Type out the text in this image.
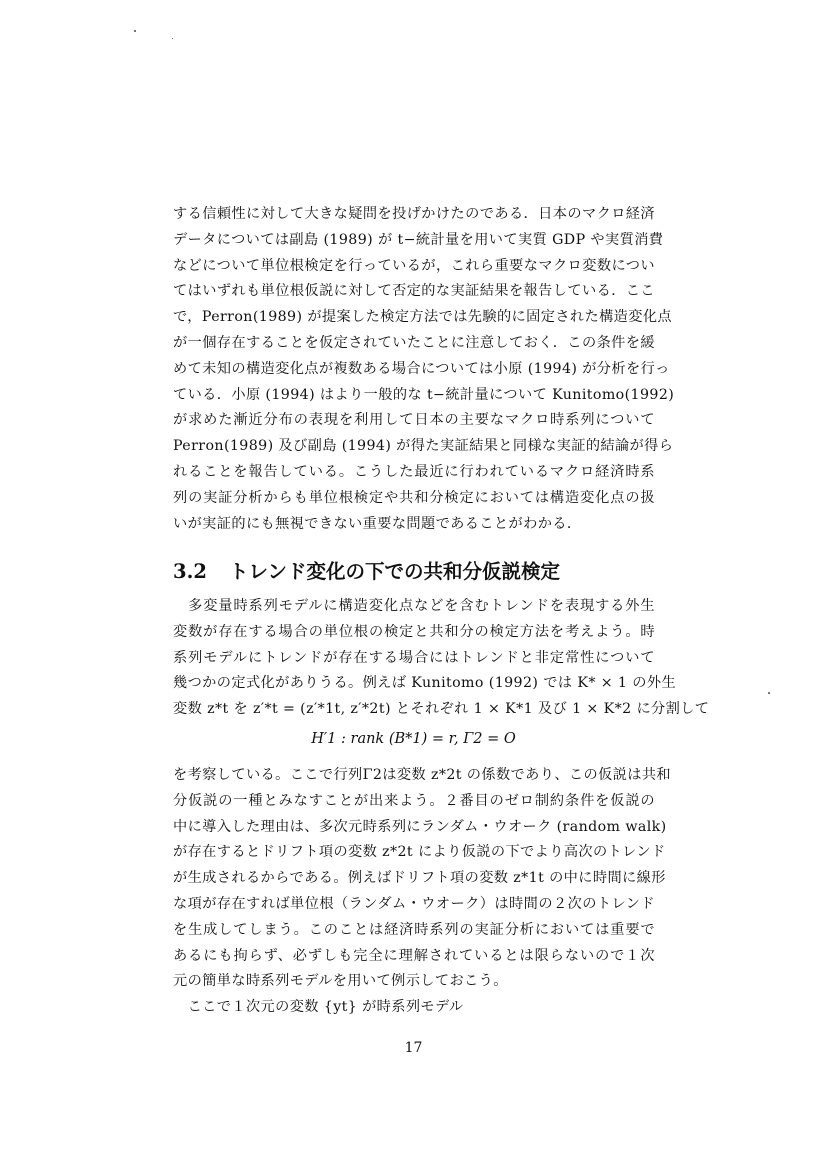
する信頼性に対して大きな疑問を投げかけたのである．日本のマクロ経済
データについては副島 (1989) が t−統計量を用いて実質 GDP や実質消費
などについて単位根検定を行っているが，これら重要なマクロ変数につい
てはいずれも単位根仮説に対して否定的な実証結果を報告している．ここ
で，Perron(1989) が提案した検定方法では先験的に固定された構造変化点
が一個存在することを仮定されていたことに注意しておく．この条件を緩
めて未知の構造変化点が複数ある場合については小原 (1994) が分析を行っ
ている．小原 (1994) はより一般的な t−統計量について Kunitomo(1992)
が求めた漸近分布の表現を利用して日本の主要なマクロ時系列について
Perron(1989) 及び副島 (1994) が得た実証結果と同様な実証的結論が得ら
れることを報告している。こうした最近に行われているマクロ経済時系
列の実証分析からも単位根検定や共和分検定においては構造変化点の扱
いが実証的にも無視できない重要な問題であることがわかる．
3.2 トレンド変化の下での共和分仮説検定
　多変量時系列モデルに構造変化点などを含むトレンドを表現する外生
変数が存在する場合の単位根の検定と共和分の検定方法を考えよう。時
系列モデルにトレンドが存在する場合にはトレンドと非定常性について
幾つかの定式化がありうる。例えば Kunitomo (1992) では K* × 1 の外生
変数 z*t を z′*t = (z′*1t, z′*2t) とそれぞれ 1 × K*1 及び 1 × K*2 に分割して
H′1 : rank (B*1) = r, Γ2 = O
を考察している。ここで行列Γ2は変数 z*2t の係数であり、この仮説は共和
分仮説の一種とみなすことが出来よう。２番目のゼロ制約条件を仮説の
中に導入した理由は、多次元時系列にランダム・ウオーク (random walk)
が存在するとドリフト項の変数 z*2t により仮説の下でより高次のトレンド
が生成されるからである。例えばドリフト項の変数 z*1t の中に時間に線形
な項が存在すれば単位根（ランダム・ウオーク）は時間の２次のトレンド
を生成してしまう。このことは経済時系列の実証分析においては重要で
あるにも拘らず、必ずしも完全に理解されているとは限らないので１次
元の簡単な時系列モデルを用いて例示しておこう。
　ここで１次元の変数 {yt} が時系列モデル
17
